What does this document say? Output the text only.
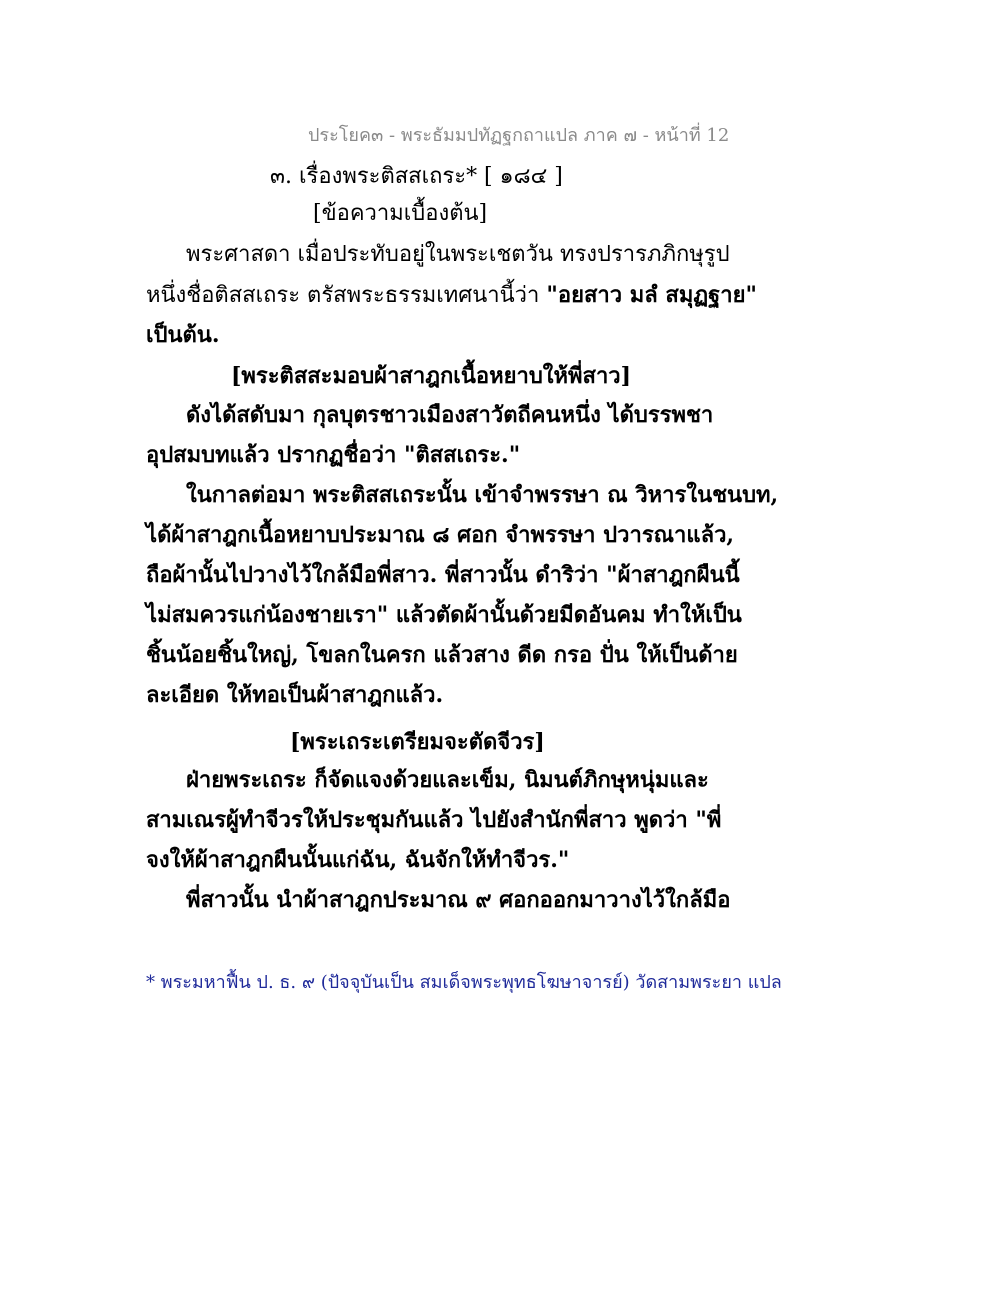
ประโยค๓ - พระธัมมปทัฏฐกถาแปล ภาค ๗ - หน้าที่ 12
๓. เรื่องพระติสสเถระ* [ ๑๘๔ ]
[ข้อความเบื้องต้น]
พระศาสดา เมื่อประทับอยู่ในพระเชตวัน ทรงปรารภภิกษุรูป
หนึ่งชื่อติสสเถระ ตรัสพระธรรมเทศนานี้ว่า "อยสาว มลํ สมุฏฐาย"
เป็นต้น.
[พระติสสะมอบผ้าสาฎกเนื้อหยาบให้พี่สาว]
ดังได้สดับมา กุลบุตรชาวเมืองสาวัตถีคนหนึ่ง ได้บรรพชา
อุปสมบทแล้ว ปรากฏชื่อว่า "ติสสเถระ."
ในกาลต่อมา พระติสสเถระนั้น เข้าจำพรรษา ณ วิหารในชนบท,
ได้ผ้าสาฎกเนื้อหยาบประมาณ ๘ ศอก จำพรรษา ปวารณาแล้ว,
ถือผ้านั้นไปวางไว้ใกล้มือพี่สาว. พี่สาวนั้น ดำริว่า "ผ้าสาฎกผืนนี้
ไม่สมควรแก่น้องชายเรา" แล้วตัดผ้านั้นด้วยมีดอันคม ทำให้เป็น
ชิ้นน้อยชิ้นใหญ่, โขลกในครก แล้วสาง ดีด กรอ ปั่น ให้เป็นด้าย
ละเอียด ให้ทอเป็นผ้าสาฎกแล้ว.
[พระเถระเตรียมจะตัดจีวร]
ฝ่ายพระเถระ ก็จัดแจงด้วยและเข็ม, นิมนต์ภิกษุหนุ่มและ
สามเณรผู้ทำจีวรให้ประชุมกันแล้ว ไปยังสำนักพี่สาว พูดว่า "พี่
จงให้ผ้าสาฎกผืนนั้นแก่ฉัน, ฉันจักให้ทำจีวร."
พี่สาวนั้น นำผ้าสาฎกประมาณ ๙ ศอกออกมาวางไว้ใกล้มือ
* พระมหาฟื้น ป. ธ. ๙ (ปัจจุบันเป็น สมเด็จพระพุทธโฆษาจารย์) วัดสามพระยา แปล
